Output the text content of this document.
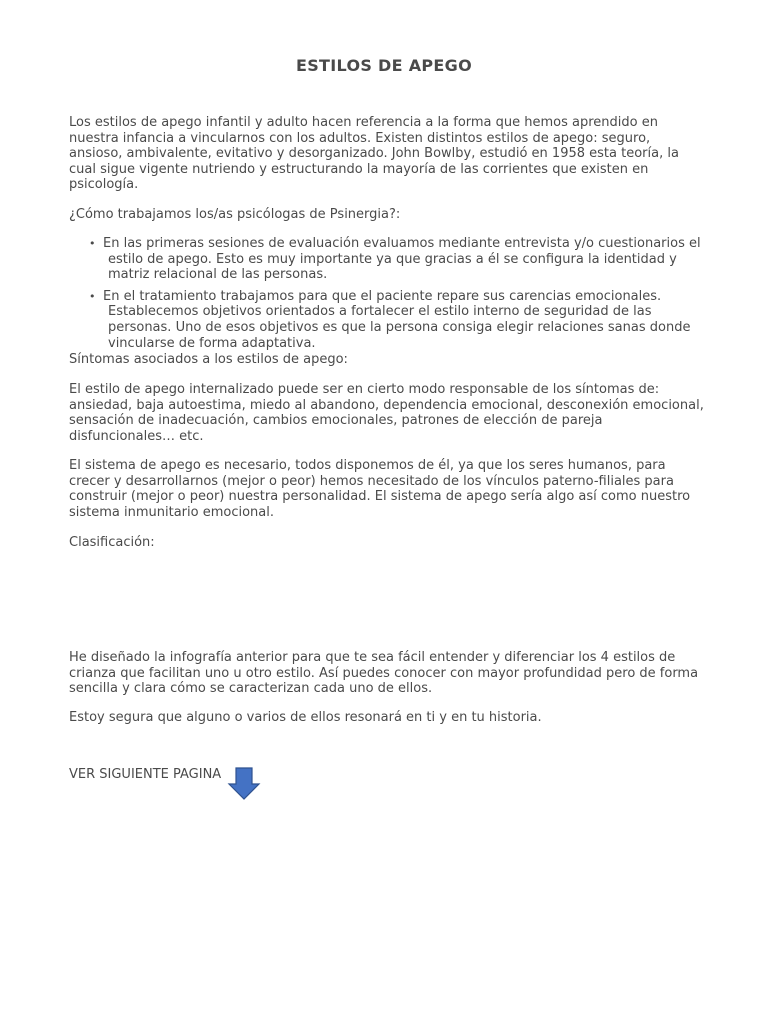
ESTILOS DE APEGO

Los estilos de apego infantil y adulto hacen referencia a la forma que hemos aprendido en nuestra infancia a vincularnos con los adultos. Existen distintos estilos de apego: seguro, ansioso, ambivalente, evitativo y desorganizado. John Bowlby, estudió en 1958 esta teoría, la cual sigue vigente nutriendo y estructurando la mayoría de las corrientes que existen en psicología.

¿Cómo trabajamos los/as psicólogas de Psinergia?:

• En las primeras sesiones de evaluación evaluamos mediante entrevista y/o cuestionarios el estilo de apego. Esto es muy importante ya que gracias a él se configura la identidad y matriz relacional de las personas.
• En el tratamiento trabajamos para que el paciente repare sus carencias emocionales. Establecemos objetivos orientados a fortalecer el estilo interno de seguridad de las personas. Uno de esos objetivos es que la persona consiga elegir relaciones sanas donde vincularse de forma adaptativa.

Síntomas asociados a los estilos de apego:

El estilo de apego internalizado puede ser en cierto modo responsable de los síntomas de: ansiedad, baja autoestima, miedo al abandono, dependencia emocional, desconexión emocional, sensación de inadecuación, cambios emocionales, patrones de elección de pareja disfuncionales… etc.

El sistema de apego es necesario, todos disponemos de él, ya que los seres humanos, para crecer y desarrollarnos (mejor o peor) hemos necesitado de los vínculos paterno-filiales para construir (mejor o peor) nuestra personalidad. El sistema de apego sería algo así como nuestro sistema inmunitario emocional.

Clasificación:

He diseñado la infografía anterior para que te sea fácil entender y diferenciar los 4 estilos de crianza que facilitan uno u otro estilo. Así puedes conocer con mayor profundidad pero de forma sencilla y clara cómo se caracterizan cada uno de ellos.

Estoy segura que alguno o varios de ellos resonará en ti y en tu historia.

VER SIGUIENTE PAGINA
